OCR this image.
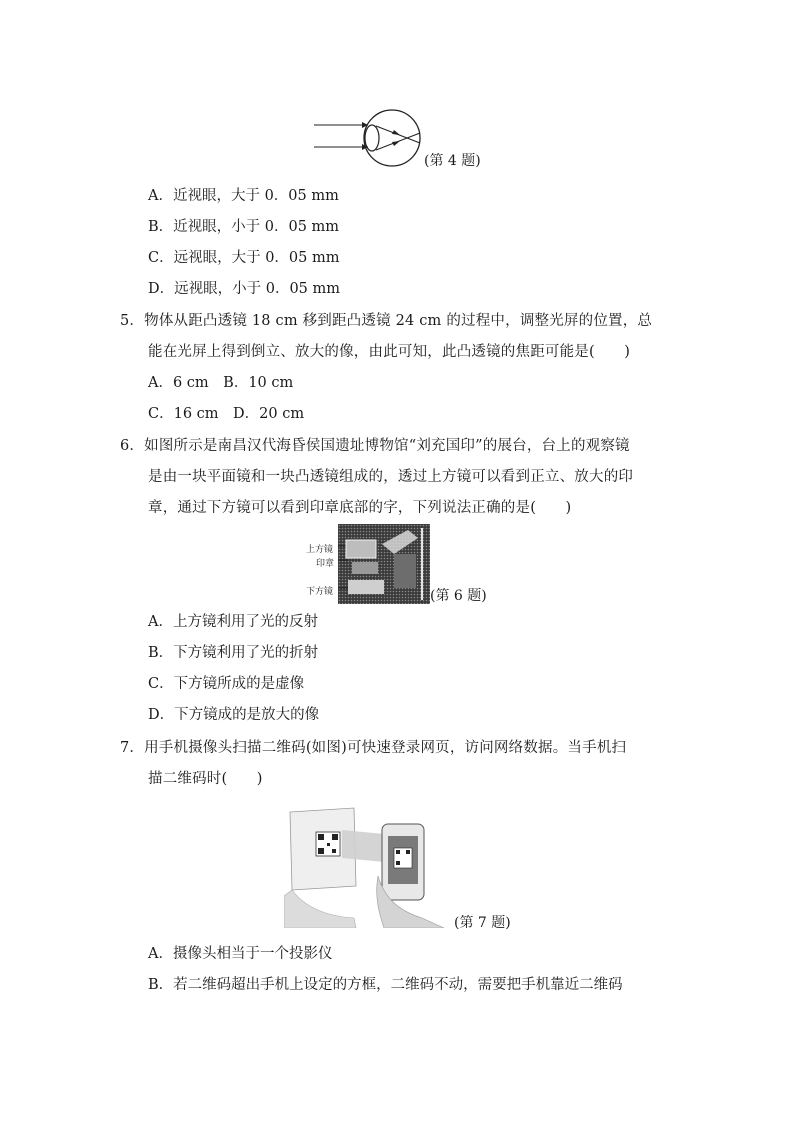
(第 4 题)
A．近视眼，大于 0．05 mm
B．近视眼，小于 0．05 mm
C．远视眼，大于 0．05 mm
D．远视眼，小于 0．05 mm
5．物体从距凸透镜 18 cm 移到距凸透镜 24 cm 的过程中，调整光屏的位置，总
能在光屏上得到倒立、放大的像，由此可知，此凸透镜的焦距可能是(　　)
A．6 cm　B．10 cm
C．16 cm　D．20 cm
6．如图所示是南昌汉代海昏侯国遗址博物馆“刘充国印”的展台，台上的观察镜
是由一块平面镜和一块凸透镜组成的，透过上方镜可以看到正立、放大的印
章，通过下方镜可以看到印章底部的字，下列说法正确的是(　　)
上方镜
印章
下方镜	(第 6 题)
A．上方镜利用了光的反射
B．下方镜利用了光的折射
C．下方镜所成的是虚像
D．下方镜成的是放大的像
7．用手机摄像头扫描二维码(如图)可快速登录网页，访问网络数据。当手机扫
描二维码时(　　)
(第 7 题)
A．摄像头相当于一个投影仪
B．若二维码超出手机上设定的方框，二维码不动，需要把手机靠近二维码
